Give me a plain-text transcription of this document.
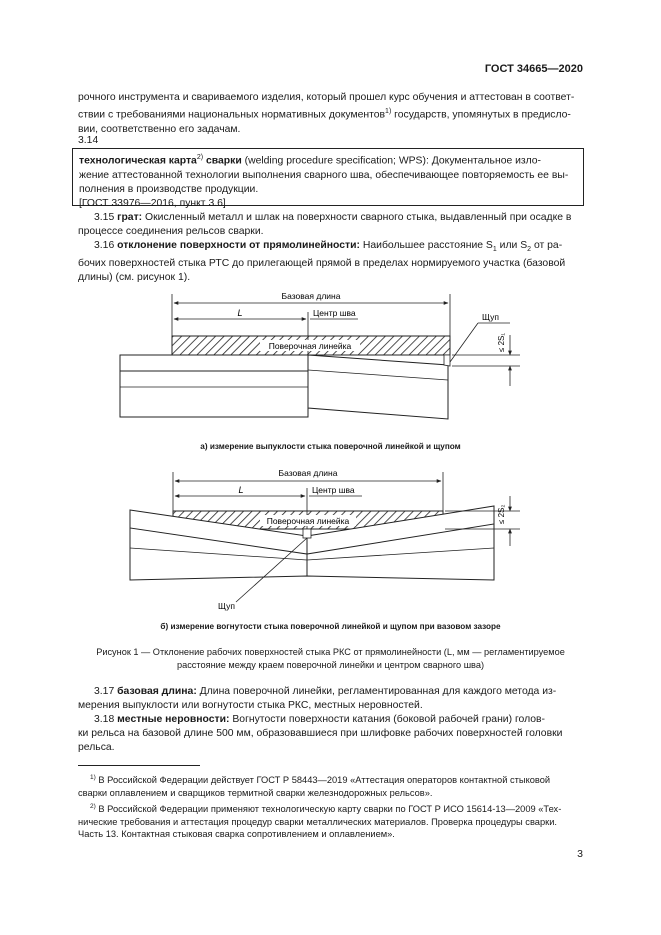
ГОСТ 34665—2020
рочного инструмента и свариваемого изделия, который прошел курс обучения и аттестован в соответ-
ствии с требованиями национальных нормативных документов$^{1)}$ государств, упомянутых в предисло-
вии, соответственно его задачам.
3.14
технологическая карта$^{2)}$ сварки (welding procedure specification; WPS): Документальное изло-
жение аттестованной технологии выполнения сварного шва, обеспечивающее повторяемость ее вы-
полнения в производстве продукции.
[ГОСТ 33976—2016, пункт 3.6]
3.15 грат: Окисленный металл и шлак на поверхности сварного стыка, выдавленный при осадке в
процессе соединения рельсов сварки.
3.16 отклонение поверхности от прямолинейности: Наибольшее расстояние $S_1$ или $S_2$ от ра-
бочих поверхностей стыка РТС до прилегающей прямой в пределах нормируемого участка (базовой
длины) (см. рисунок 1).
Базовая длина
L	Центр шва
Поверочная линейка
Щуп
≤ 2S₁
а) измерение выпуклости стыка поверочной линейкой и щупом
Базовая длина
L	Центр шва
Поверочная линейка
Щуп
≤ 2S₂
б) измерение вогнутости стыка поверочной линейкой и щупом при вазовом зазоре
Рисунок 1 — Отклонение рабочих поверхностей стыка РКС от прямолинейности (L, мм — регламентируемое
расстояние между краем поверочной линейки и центром сварного шва)
3.17 базовая длина: Длина поверочной линейки, регламентированная для каждого метода из-
мерения выпуклости или вогнутости стыка РКС, местных неровностей.
3.18 местные неровности: Вогнутости поверхности катания (боковой рабочей грани) голов-
ки рельса на базовой длине 500 мм, образовавшиеся при шлифовке рабочих поверхностей головки
рельса.
$^{1)}$ В Российской Федерации действует ГОСТ Р 58443—2019 «Аттестация операторов контактной стыковой
сварки оплавлением и сварщиков термитной сварки железнодорожных рельсов».
$^{2)}$ В Российской Федерации применяют технологическую карту сварки по ГОСТ Р ИСО 15614-13—2009 «Тех-
нические требования и аттестация процедур сварки металлических материалов. Проверка процедуры сварки.
Часть 13. Контактная стыковая сварка сопротивлением и оплавлением».
3
